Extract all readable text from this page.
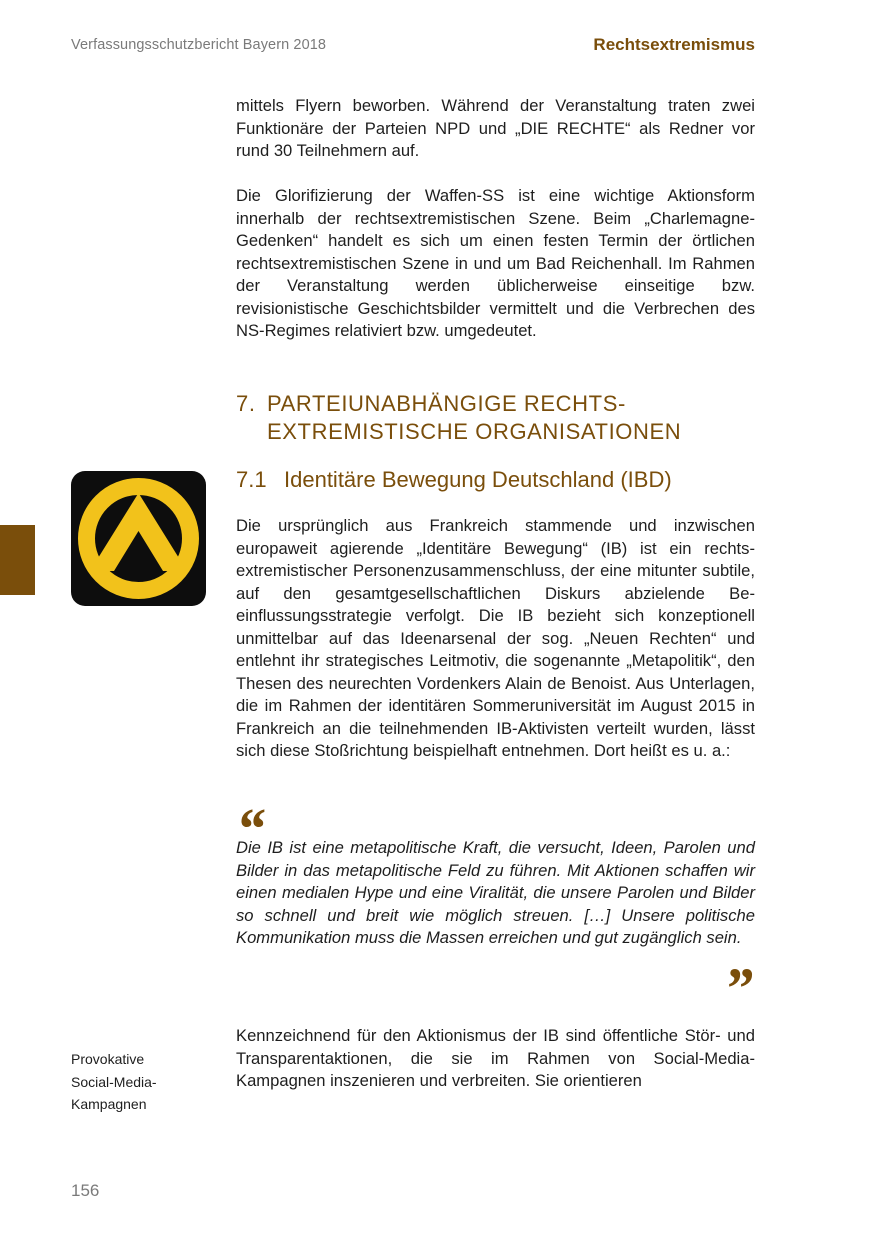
Verfassungsschutzbericht Bayern 2018	Rechtsextremismus

mittels Flyern beworben. Während der Veranstaltung traten zwei Funktionäre der Parteien NPD und „DIE RECHTE“ als Redner vor rund 30 Teilnehmern auf.

Die Glorifizierung der Waffen-SS ist eine wichtige Aktionsform innerhalb der rechtsextremistischen Szene. Beim „Charlemagne-Gedenken“ handelt es sich um einen festen Termin der örtlichen rechtsextremistischen Szene in und um Bad Reichenhall. Im Rahmen der Veranstaltung werden üblicherweise einseitige bzw. revisionistische Geschichtsbilder vermittelt und die Verbrechen des NS-Regimes relativiert bzw. umgedeutet.

7. PARTEIUNABHÄNGIGE RECHTS-
EXTREMISTISCHE ORGANISATIONEN
7.1 Identitäre Bewegung Deutschland (IBD)

Die ursprünglich aus Frankreich stammende und inzwischen europaweit agierende „Identitäre Bewegung“ (IB) ist ein rechtsextremistischer Personenzusammenschluss, der eine mitunter subtile, auf den gesamtgesellschaftlichen Diskurs abzielende Beeinflussungsstrategie verfolgt. Die IB bezieht sich konzeptionell unmittelbar auf das Ideenarsenal der sog. „Neuen Rechten“ und entlehnt ihr strategisches Leitmotiv, die sogenannte „Metapolitik“, den Thesen des neurechten Vordenkers Alain de Benoist. Aus Unterlagen, die im Rahmen der identitären Sommeruniversität im August 2015 in Frankreich an die teilnehmenden IB-Aktivisten verteilt wurden, lässt sich diese Stoßrichtung beispielhaft entnehmen. Dort heißt es u. a.:

“

Die IB ist eine metapolitische Kraft, die versucht, Ideen, Parolen und Bilder in das metapolitische Feld zu führen. Mit Aktionen schaffen wir einen medialen Hype und eine Viralität, die unsere Parolen und Bilder so schnell und breit wie möglich streuen. […] Unsere politische Kommunikation muss die Massen erreichen und gut zugänglich sein.

”

Kennzeichnend für den Aktionismus der IB sind öffentliche Stör- und Transparentaktionen, die sie im Rahmen von Social-Media-Kampagnen inszenieren und verbreiten. Sie orientieren

Provokative
Social-Media-
Kampagnen
156
